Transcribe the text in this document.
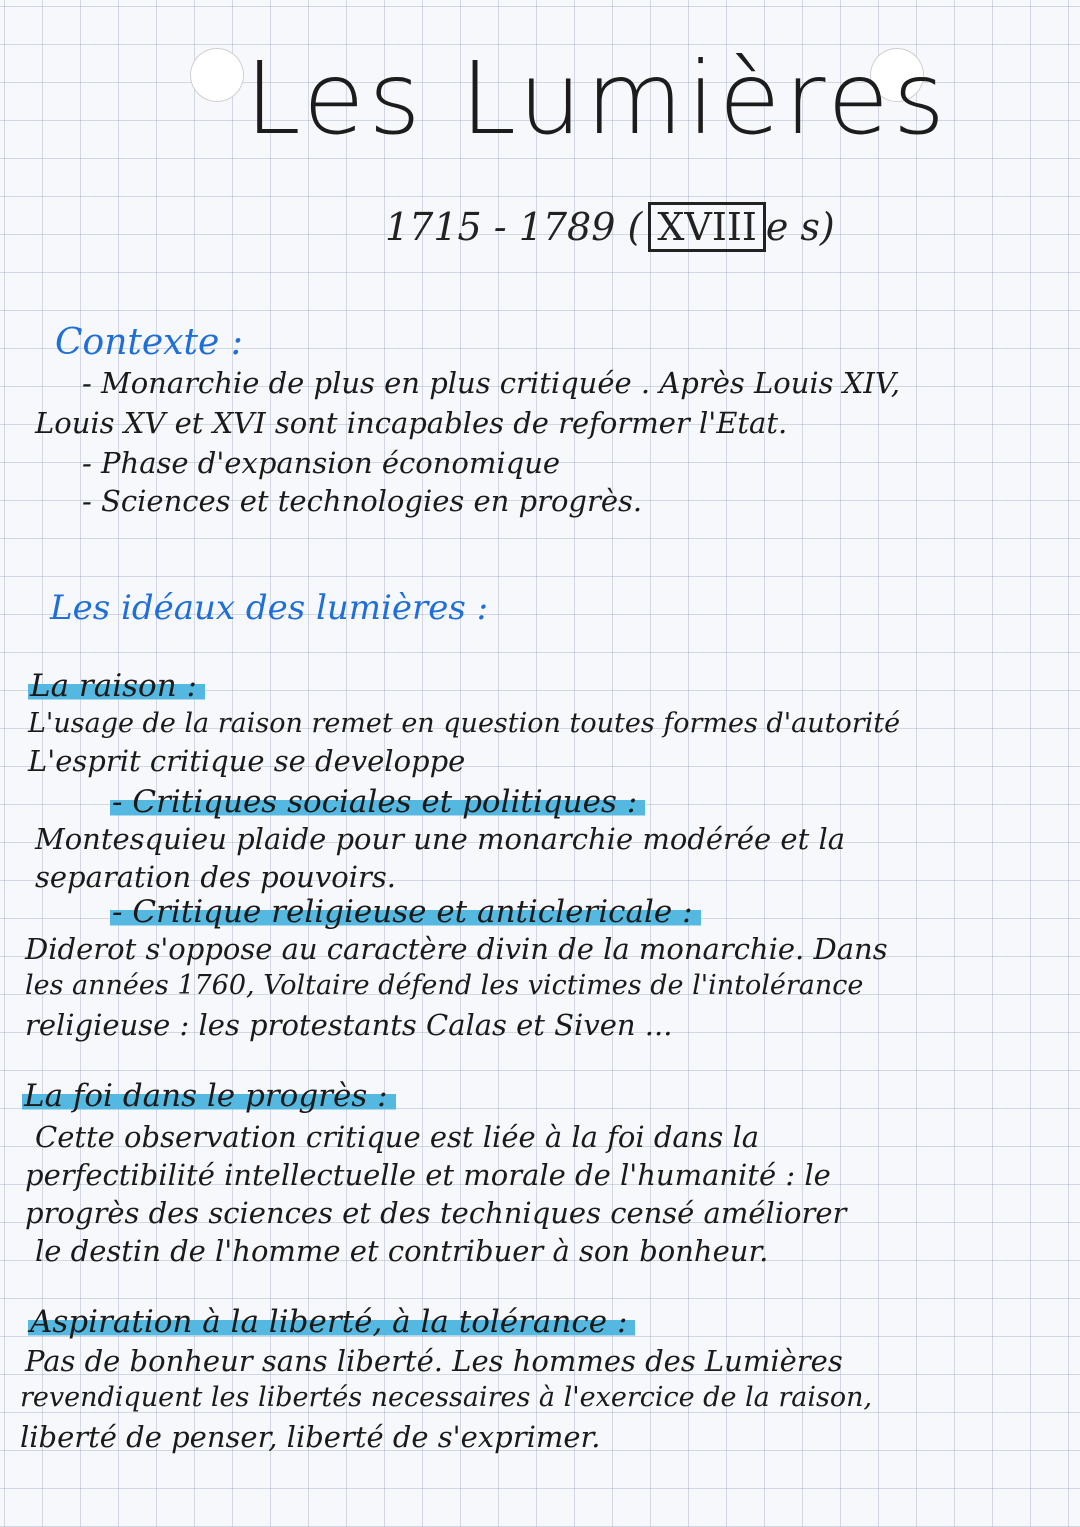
Les Lumières
1715 - 1789 ( XVIII e s)
Contexte :
- Monarchie de plus en plus critiquée . Après Louis XIV,
Louis XV et XVI sont incapables de reformer l'Etat.
- Phase d'expansion économique
- Sciences et technologies en progrès.
Les idéaux des lumières :
La raison :
L'usage de la raison remet en question toutes formes d'autorité
L'esprit critique se developpe
- Critiques sociales et politiques :
Montesquieu plaide pour une monarchie modérée et la
separation des pouvoirs.
- Critique religieuse et anticlericale :
Diderot s'oppose au caractère divin de la monarchie. Dans
les années 1760, Voltaire défend les victimes de l'intolérance
religieuse : les protestants Calas et Siven ...
La foi dans le progrès :
Cette observation critique est liée à la foi dans la
perfectibilité intellectuelle et morale de l'humanité : le
progrès des sciences et des techniques censé améliorer
le destin de l'homme et contribuer à son bonheur.
Aspiration à la liberté, à la tolérance :
Pas de bonheur sans liberté. Les hommes des Lumières
revendiquent les libertés necessaires à l'exercice de la raison,
liberté de penser, liberté de s'exprimer.
